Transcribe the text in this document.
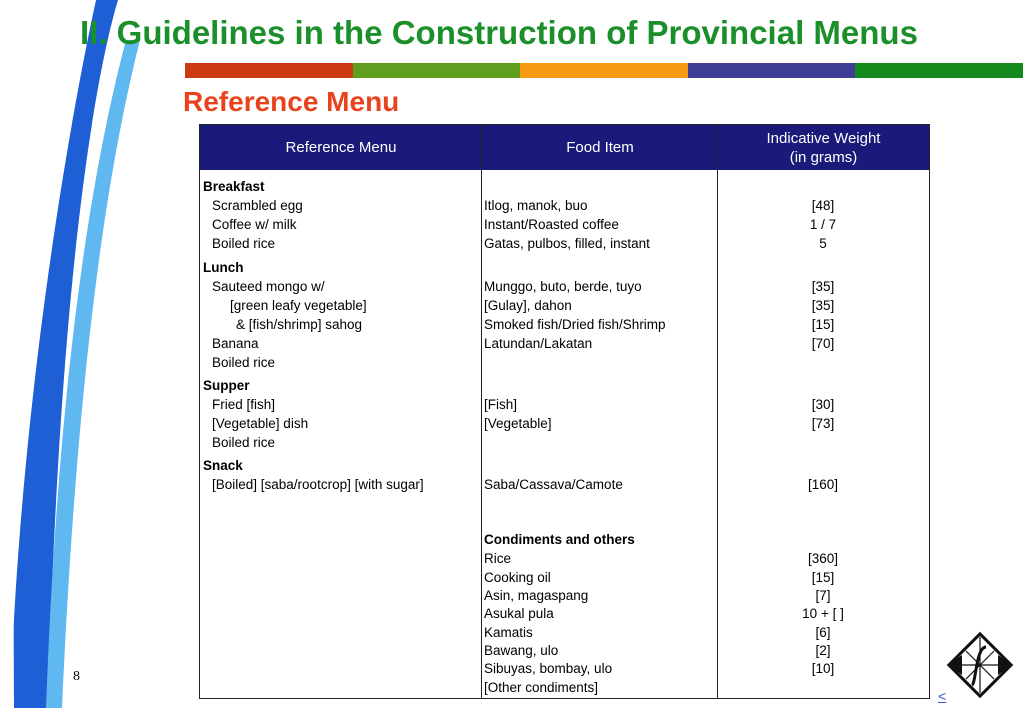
II. Guidelines in the Construction of Provincial Menus
Reference Menu
Reference Menu	Food Item
Indicative Weight
(in grams)
Breakfast
Scrambled egg
Coffee w/ milk
Boiled rice
Lunch
Sauteed mongo w/
[green leafy vegetable]
& [fish/shrimp] sahog
Banana
Boiled rice
Supper
Fried [fish]
[Vegetable] dish
Boiled rice
Snack
[Boiled] [saba/rootcrop] [with sugar]
Itlog, manok, buo
Instant/Roasted coffee
Gatas, pulbos, filled, instant
Munggo, buto, berde, tuyo
[Gulay], dahon
Smoked fish/Dried fish/Shrimp
Latundan/Lakatan
[Fish]
[Vegetable]
Saba/Cassava/Camote
Condiments and others
Rice
Cooking oil
Asin, magaspang
Asukal pula
Kamatis
Bawang, ulo
Sibuyas, bombay, ulo
[Other condiments]
[48]
1 / 7
5
[35]
[35]
[15]
[70]
[30]
[73]
[160]
[360]
[15]
[7]
10 + [ ]
[6]
[2]
[10]
8
<
